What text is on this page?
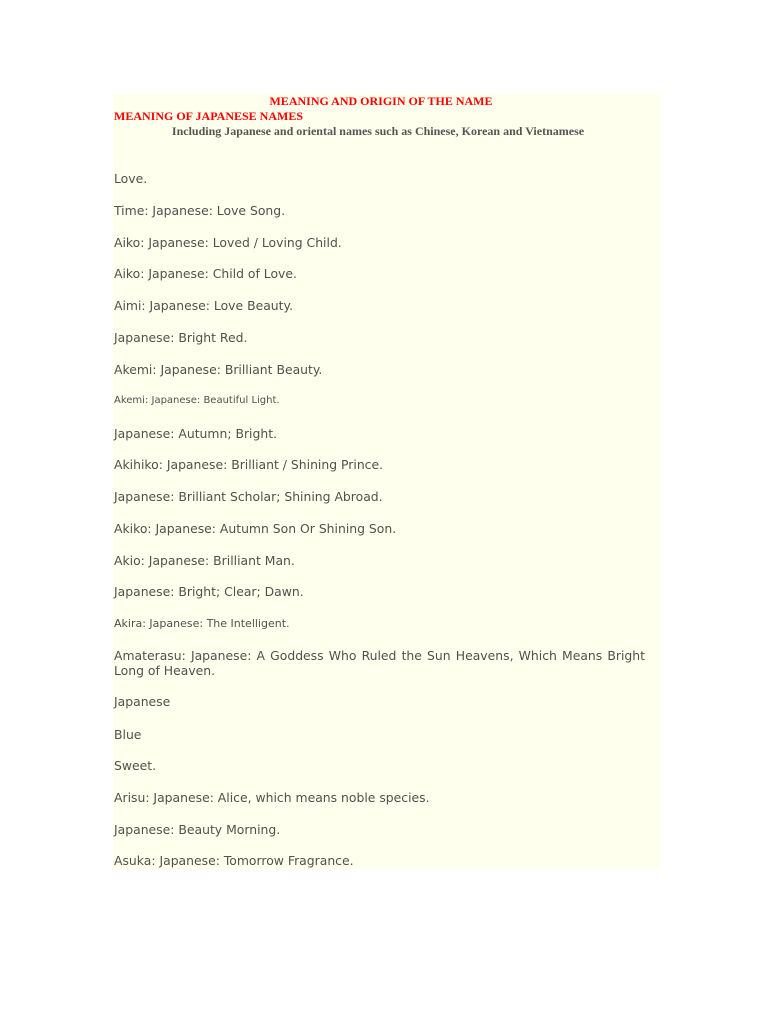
MEANING AND ORIGIN OF THE NAME
MEANING OF JAPANESE NAMES
Including Japanese and oriental names such as Chinese, Korean and Vietnamese
Love.
Time: Japanese: Love Song.
Aiko: Japanese: Loved / Loving Child.
Aiko: Japanese: Child of Love.
Aimi: Japanese: Love Beauty.
Japanese: Bright Red.
Akemi: Japanese: Brilliant Beauty.
Akemi: Japanese: Beautiful Light.
Japanese: Autumn; Bright.
Akihiko: Japanese: Brilliant / Shining Prince.
Japanese: Brilliant Scholar; Shining Abroad.
Akiko: Japanese: Autumn Son Or Shining Son.
Akio: Japanese: Brilliant Man.
Japanese: Bright; Clear; Dawn.
Akira: Japanese: The Intelligent.
Amaterasu: Japanese: A Goddess Who Ruled the Sun Heavens, Which Means Bright Long of Heaven.
Japanese
Blue
Sweet.
Arisu: Japanese: Alice, which means noble species.
Japanese: Beauty Morning.
Asuka: Japanese: Tomorrow Fragrance.
